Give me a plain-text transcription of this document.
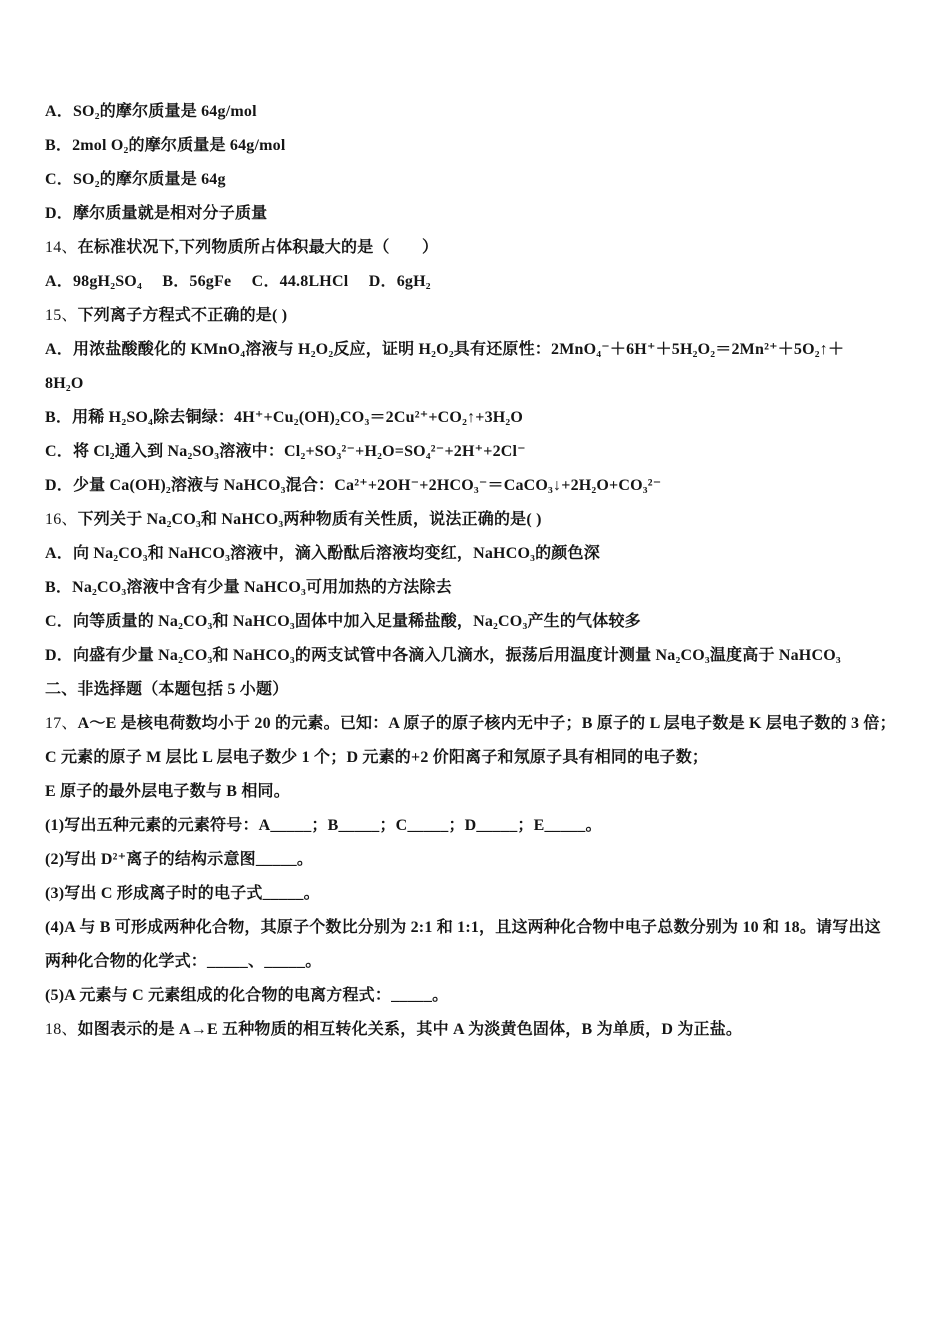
A．SO₂的摩尔质量是 64g/mol
B．2mol O₂的摩尔质量是 64g/mol
C．SO₂的摩尔质量是 64g
D．摩尔质量就是相对分子质量
14、在标准状况下,下列物质所占体积最大的是（　　）
A．98gH₂SO₄　 B．56gFe　 C．44.8LHCl　 D．6gH₂
15、下列离子方程式不正确的是( )
A．用浓盐酸酸化的 KMnO₄溶液与 H₂O₂反应，证明 H₂O₂具有还原性：2MnO₄⁻＋6H⁺＋5H₂O₂＝2Mn²⁺＋5O₂↑＋
8H₂O
B．用稀 H₂SO₄除去铜绿：4H⁺+Cu₂(OH)₂CO₃＝2Cu²⁺+CO₂↑+3H₂O
C．将 Cl₂通入到 Na₂SO₃溶液中：Cl₂+SO₃²⁻+H₂O=SO₄²⁻+2H⁺+2Cl⁻
D．少量 Ca(OH)₂溶液与 NaHCO₃混合：Ca²⁺+2OH⁻+2HCO₃⁻＝CaCO₃↓+2H₂O+CO₃²⁻
16、下列关于 Na₂CO₃和 NaHCO₃两种物质有关性质，说法正确的是( )
A．向 Na₂CO₃和 NaHCO₃溶液中，滴入酚酞后溶液均变红，NaHCO₃的颜色深
B．Na₂CO₃溶液中含有少量 NaHCO₃可用加热的方法除去
C．向等质量的 Na₂CO₃和 NaHCO₃固体中加入足量稀盐酸，Na₂CO₃产生的气体较多
D．向盛有少量 Na₂CO₃和 NaHCO₃的两支试管中各滴入几滴水，振荡后用温度计测量 Na₂CO₃温度高于 NaHCO₃
二、非选择题（本题包括 5 小题）
17、A～E 是核电荷数均小于 20 的元素。已知：A 原子的原子核内无中子；B 原子的 L 层电子数是 K 层电子数的 3 倍；
C 元素的原子 M 层比 L 层电子数少 1 个；D 元素的+2 价阳离子和氖原子具有相同的电子数；
E 原子的最外层电子数与 B 相同。
(1)写出五种元素的元素符号：A_____；B_____；C_____；D_____；E_____。
(2)写出 D²⁺离子的结构示意图_____。
(3)写出 C 形成离子时的电子式_____。
(4)A 与 B 可形成两种化合物，其原子个数比分别为 2:1 和 1:1，且这两种化合物中电子总数分别为 10 和 18。请写出这
两种化合物的化学式：_____、_____。
(5)A 元素与 C 元素组成的化合物的电离方程式：_____。
18、如图表示的是 A→E 五种物质的相互转化关系，其中 A 为淡黄色固体，B 为单质，D 为正盐。
